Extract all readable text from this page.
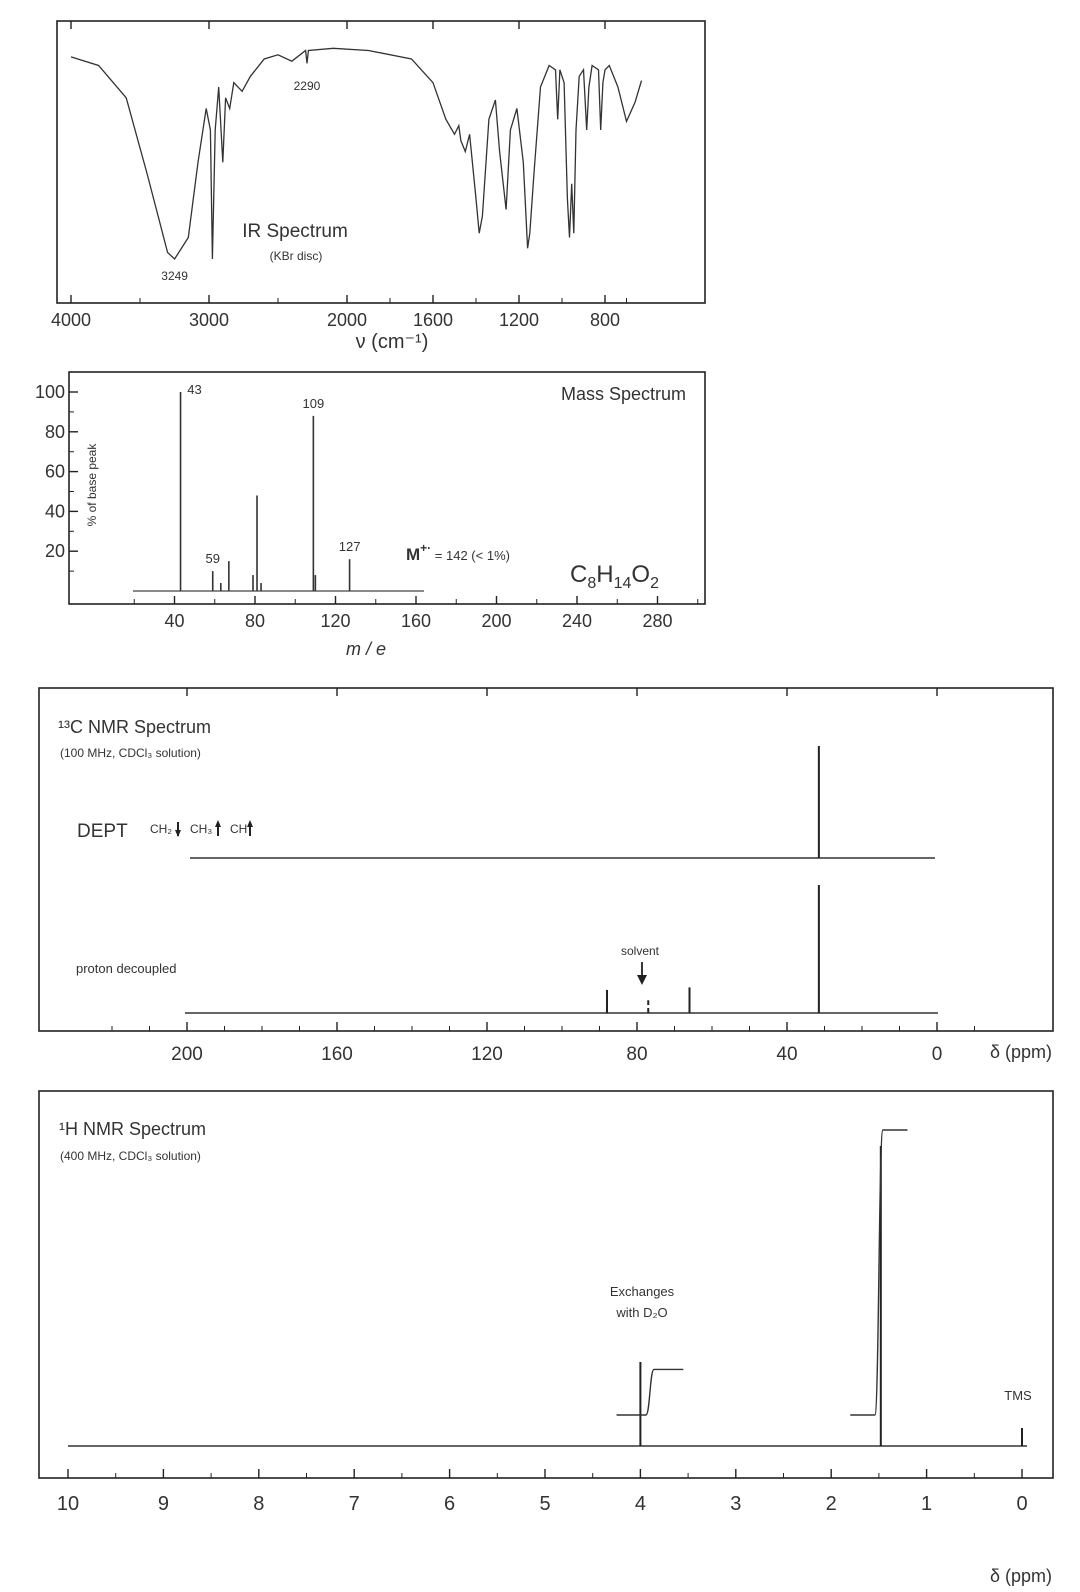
IR Spectrum
(KBr disc)
3249
2290
4000	3000	2000	1600	1200	800
ν (cm⁻¹)
100
80
60
40
20
40	80	120	160	200	240	280
43
59
109
127
Mass Spectrum
% of base peak
m / e
M+· = 142 (< 1%)
$C_8H_{14}O_2$
¹³C NMR Spectrum
(100 MHz, CDCl₃ solution)
DEPT CH₂ CH₃ CH
proton decoupled
solvent
200	160	120	80	40	0	δ (ppm)
¹H NMR Spectrum
(400 MHz, CDCl₃ solution)
Exchanges
with D₂O
TMS
10	9	8	7	6	5	4	3	2	1	0
δ (ppm)
